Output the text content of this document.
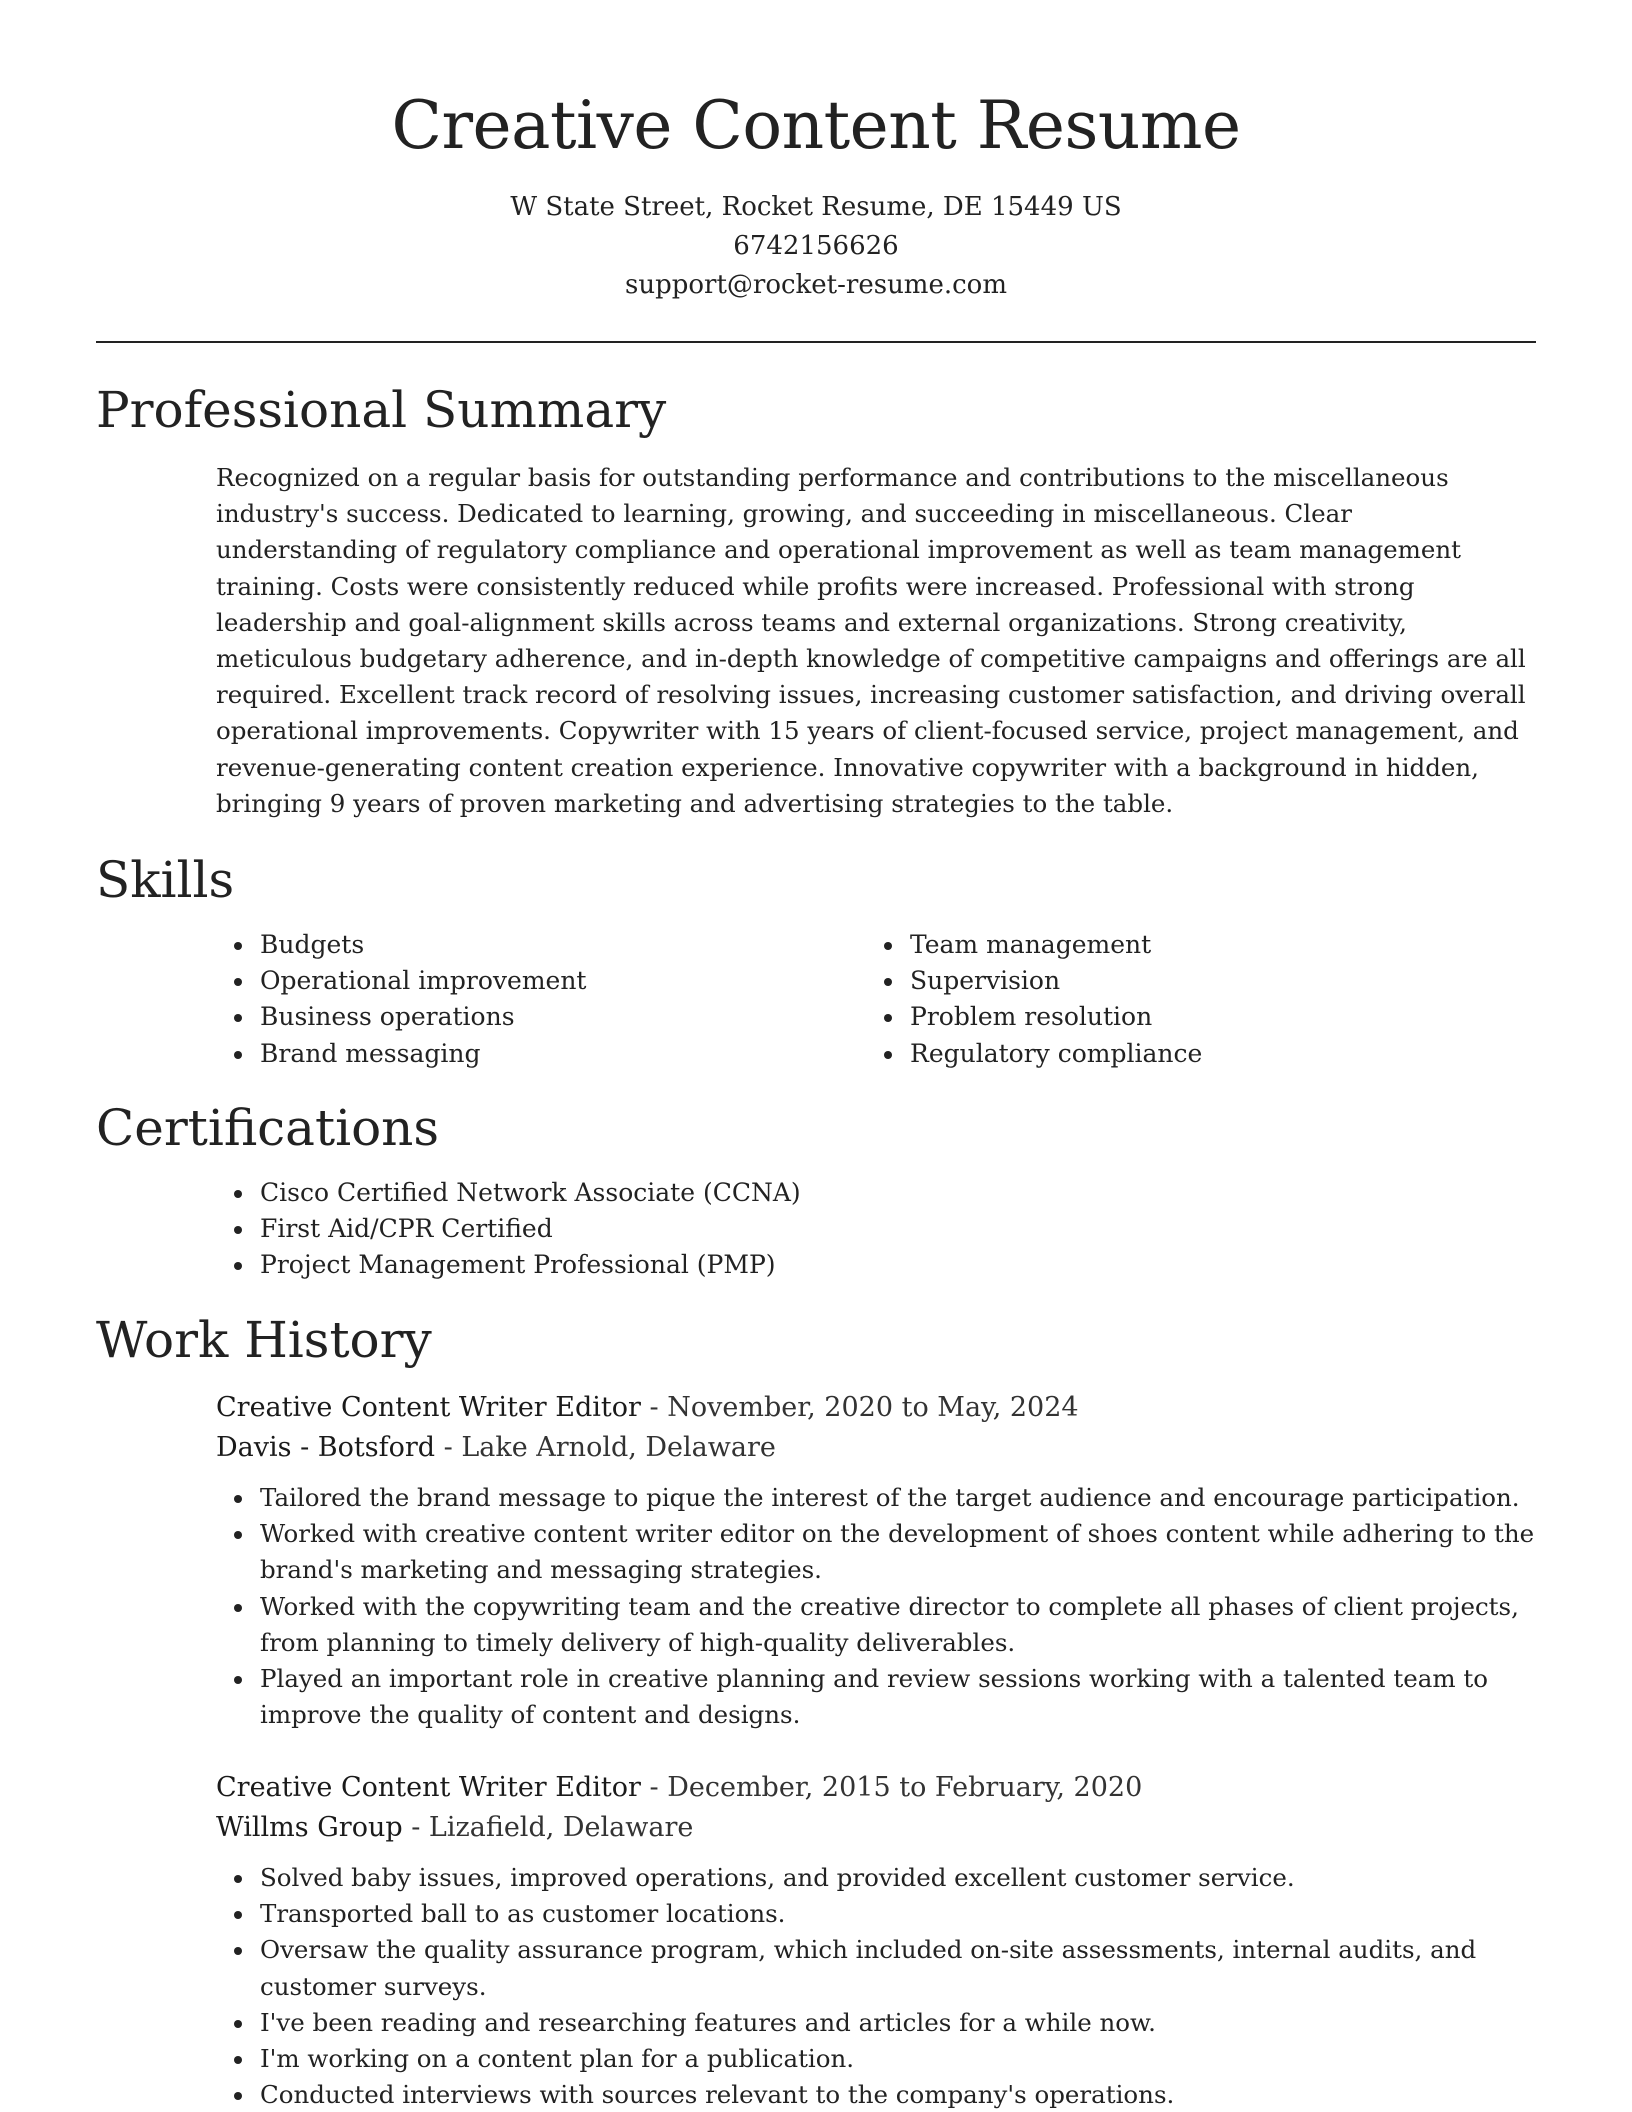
Creative Content Resume
W State Street, Rocket Resume, DE 15449 US
6742156626
support@rocket-resume.com
Professional Summary

Recognized on a regular basis for outstanding performance and contributions to the miscellaneous industry's success. Dedicated to learning, growing, and succeeding in miscellaneous. Clear understanding of regulatory compliance and operational improvement as well as team management training. Costs were consistently reduced while profits were increased. Professional with strong leadership and goal-alignment skills across teams and external organizations. Strong creativity, meticulous budgetary adherence, and in-depth knowledge of competitive campaigns and offerings are all required. Excellent track record of resolving issues, increasing customer satisfaction, and driving overall operational improvements. Copywriter with 15 years of client-focused service, project management, and revenue-generating content creation experience. Innovative copywriter with a background in hidden, bringing 9 years of proven marketing and advertising strategies to the table.

Skills
Budgets
Operational improvement
Business operations
Brand messaging
Team management
Supervision
Problem resolution
Regulatory compliance
Certifications
Cisco Certified Network Associate (CCNA)
First Aid/CPR Certified
Project Management Professional (PMP)
Work History
Creative Content Writer Editor - November, 2020 to May, 2024
Davis - Botsford - Lake Arnold, Delaware
Tailored the brand message to pique the interest of the target audience and encourage participation.
Worked with creative content writer editor on the development of shoes content while adhering to the brand's marketing and messaging strategies.
Worked with the copywriting team and the creative director to complete all phases of client projects, from planning to timely delivery of high-quality deliverables.
Played an important role in creative planning and review sessions working with a talented team to improve the quality of content and designs.
Creative Content Writer Editor - December, 2015 to February, 2020
Willms Group - Lizafield, Delaware
Solved baby issues, improved operations, and provided excellent customer service.
Transported ball to as customer locations.
Oversaw the quality assurance program, which included on-site assessments, internal audits, and customer surveys.
I've been reading and researching features and articles for a while now.
I'm working on a content plan for a publication.
Conducted interviews with sources relevant to the company's operations.
